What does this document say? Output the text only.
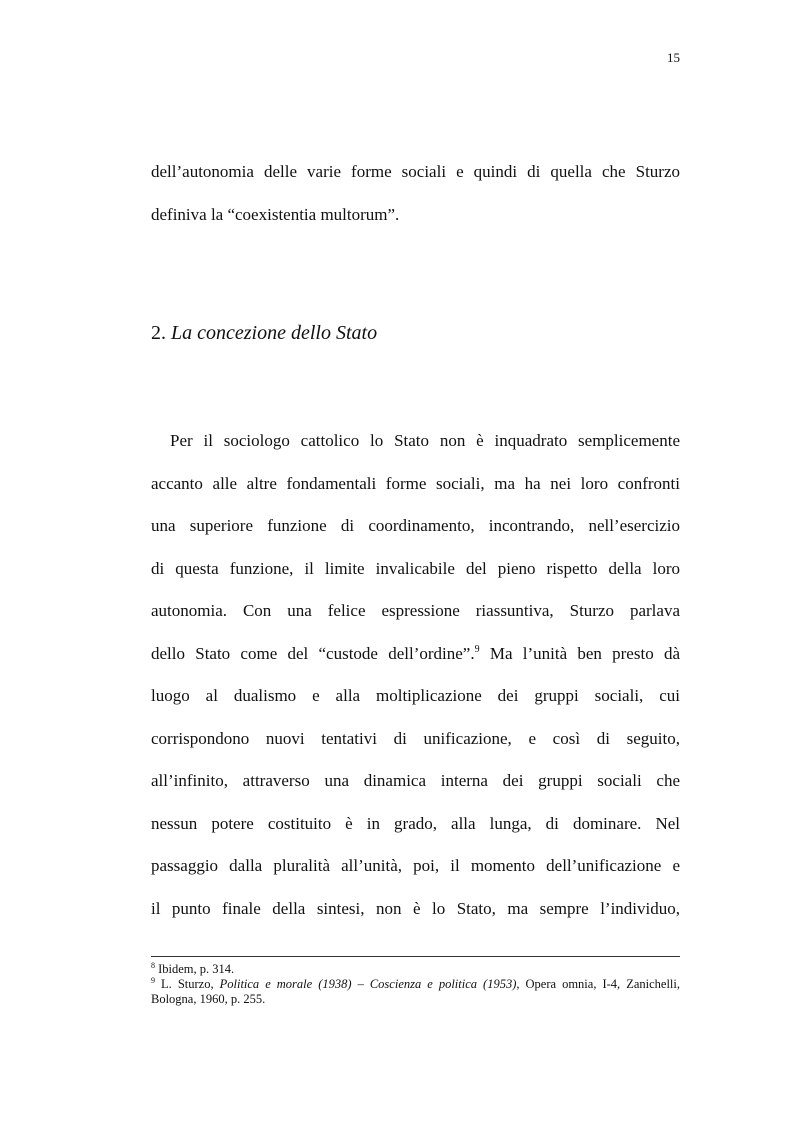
15

dell’autonomia delle varie forme sociali e quindi di quella che Sturzo
definiva la “coexistentia multorum”.

2. La concezione dello Stato

Per il sociologo cattolico lo Stato non è inquadrato semplicemente
accanto alle altre fondamentali forme sociali, ma ha nei loro confronti
una superiore funzione di coordinamento, incontrando, nell’esercizio
di questa funzione, il limite invalicabile del pieno rispetto della loro
autonomia. Con una felice espressione riassuntiva, Sturzo parlava
dello Stato come del “custode dell’ordine”.$^9$ Ma l’unità ben presto dà
luogo al dualismo e alla moltiplicazione dei gruppi sociali, cui
corrispondono nuovi tentativi di unificazione, e così di seguito,
all’infinito, attraverso una dinamica interna dei gruppi sociali che
nessun potere costituito è in grado, alla lunga, di dominare. Nel
passaggio dalla pluralità all’unità, poi, il momento dell’unificazione e
il punto finale della sintesi, non è lo Stato, ma sempre l’individuo,

$^8$ Ibidem, p. 314.

$^9$ L. Sturzo, Politica e morale (1938) – Coscienza e politica (1953), Opera omnia, I-4, Zanichelli,
Bologna, 1960, p. 255.
